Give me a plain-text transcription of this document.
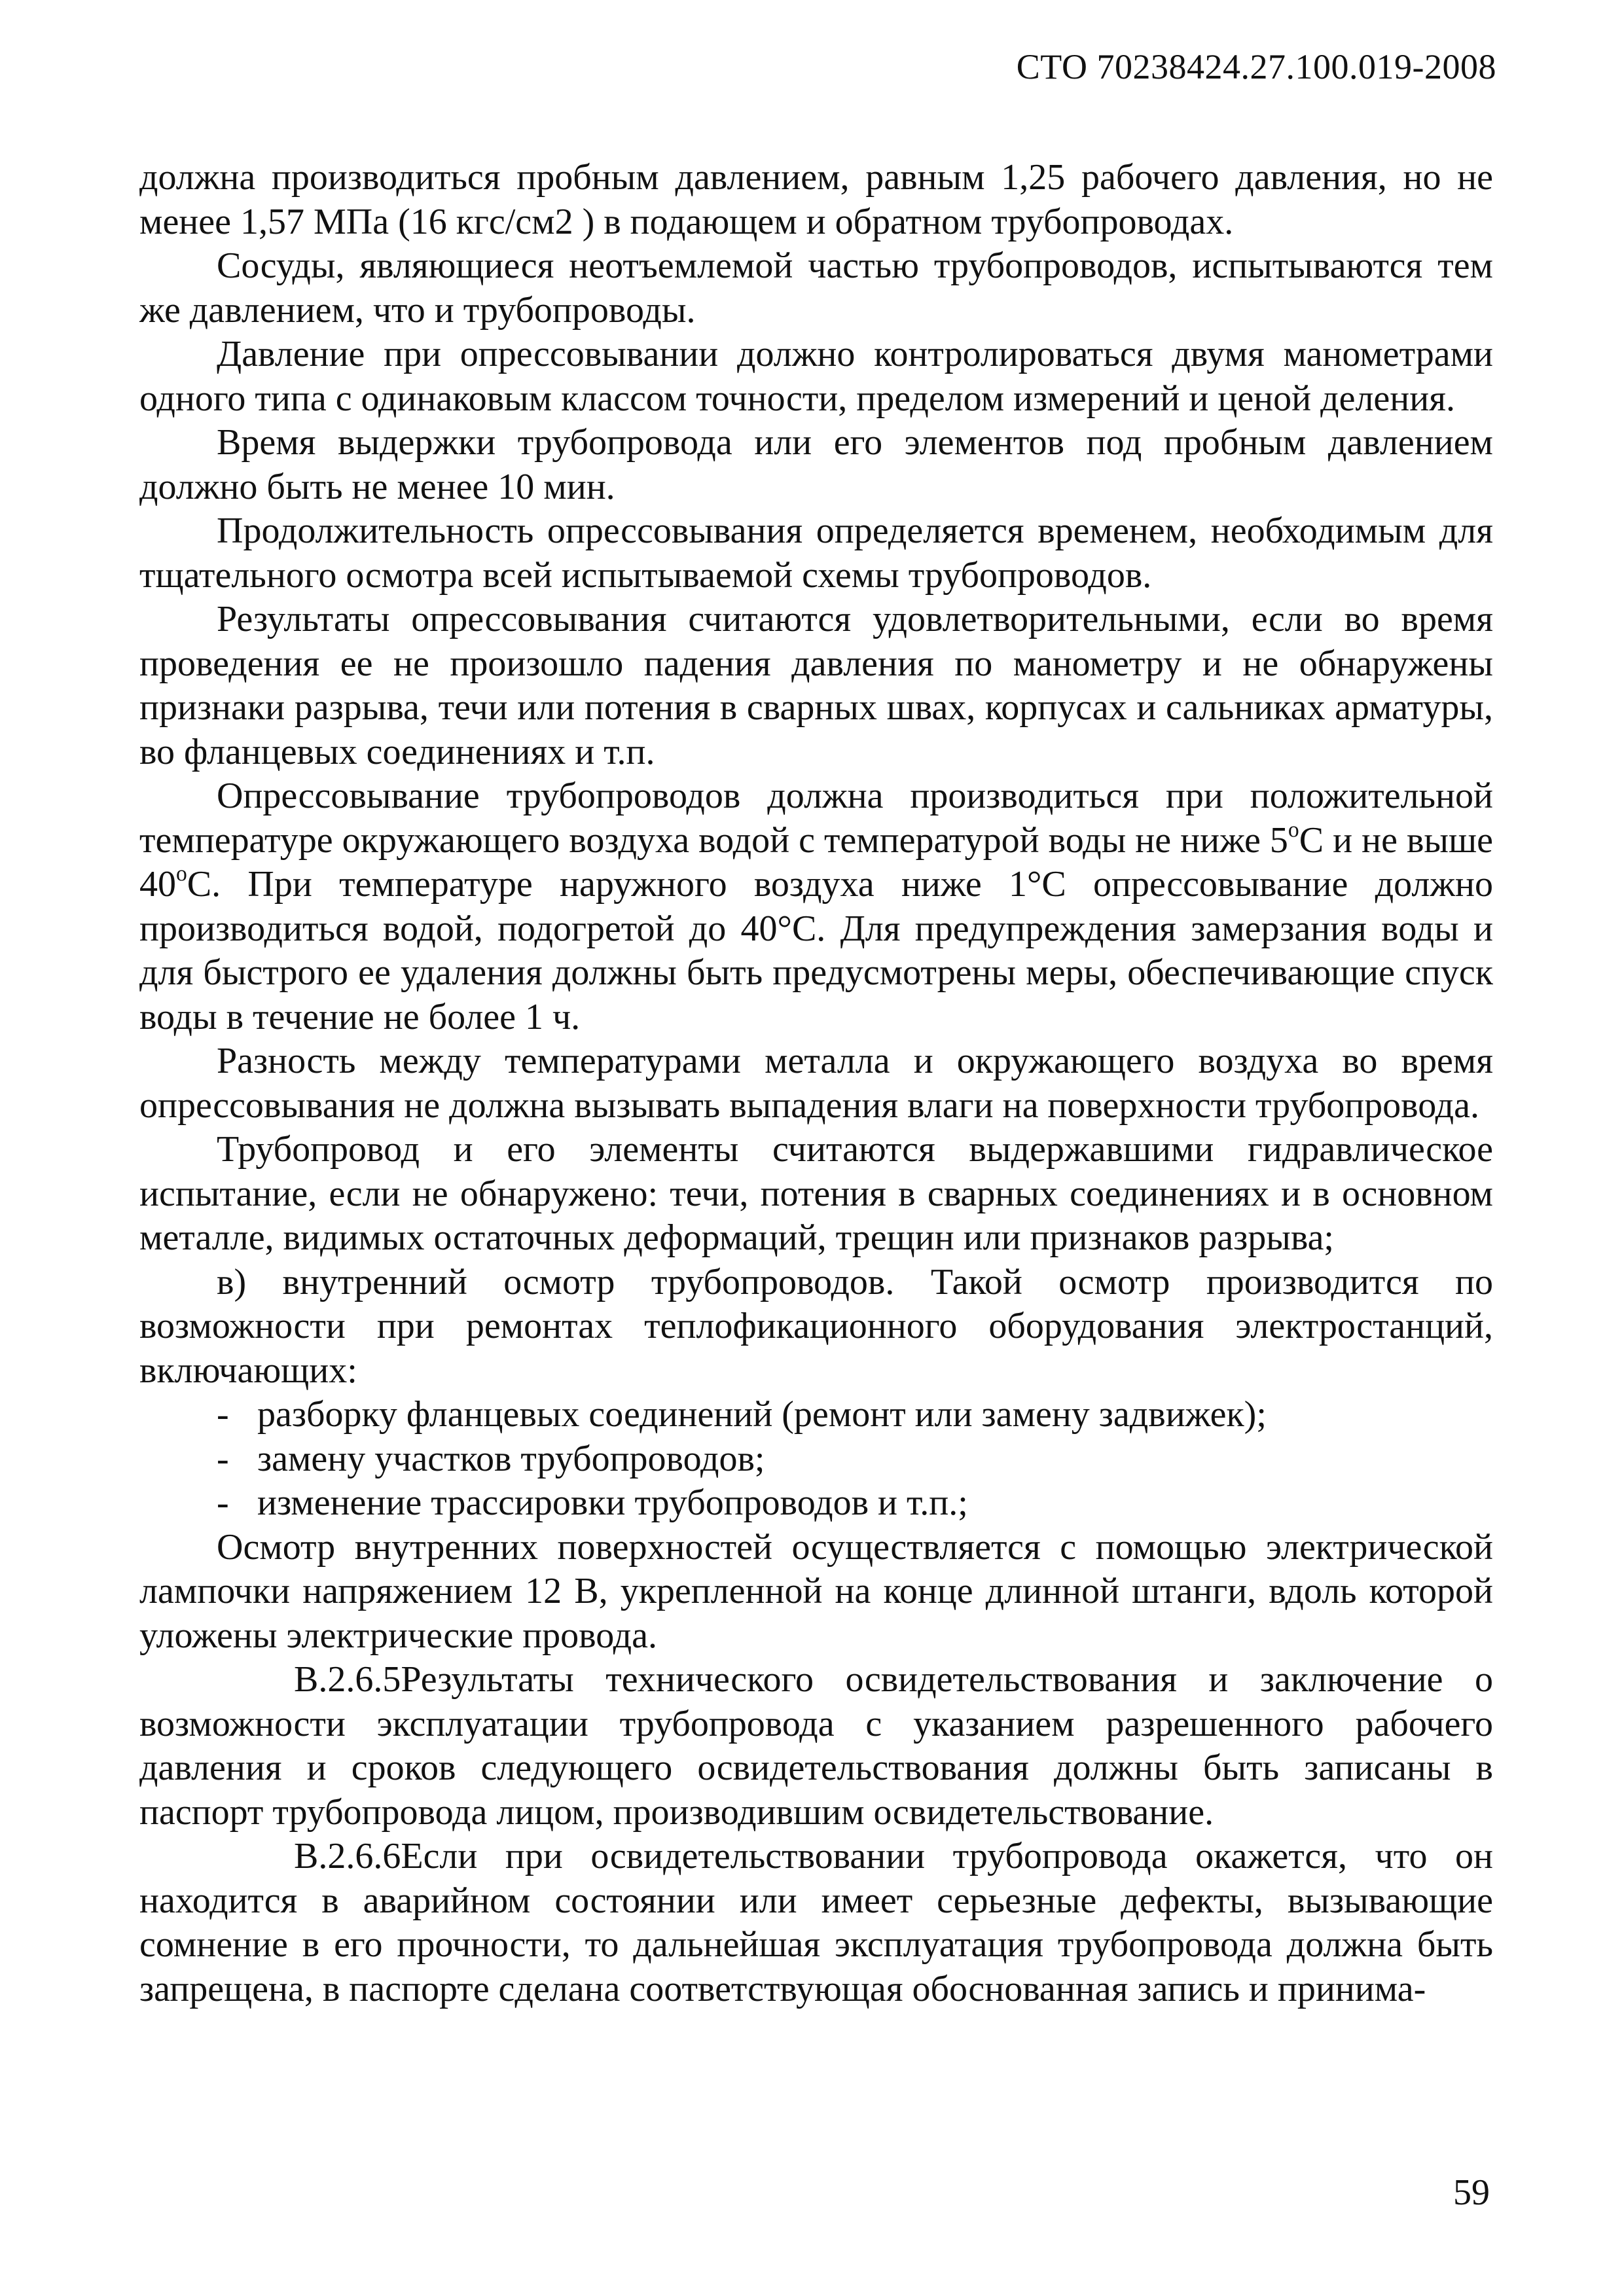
СТО 70238424.27.100.019-2008

должна производиться пробным давлением, равным 1,25 рабочего давления, но не менее 1,57 МПа (16 кгс/см2 ) в подающем и обратном трубопроводах.

Сосуды, являющиеся неотъемлемой частью трубопроводов, испытываются тем же давлением, что и трубопроводы.

Давление при опрессовывании должно контролироваться двумя манометрами одного типа с одинаковым классом точности, пределом измерений и ценой деления.

Время выдержки трубопровода или его элементов под пробным давлением должно быть не менее 10 мин.

Продолжительность опрессовывания определяется временем, необходимым для тщательного осмотра всей испытываемой схемы трубопроводов.

Результаты опрессовывания считаются удовлетворительными, если во время проведения ее не произошло падения давления по манометру и не обнаружены признаки разрыва, течи или потения в сварных швах, корпусах и сальниках арматуры, во фланцевых соединениях и т.п.

Опрессовывание трубопроводов должна производиться при положительной температуре окружающего воздуха водой с температурой воды не ниже $5^оС$ и не выше $40^оС$. При температуре наружного воздуха ниже 1°С опрессовывание должно производиться водой, подогретой до 40°С. Для предупреждения замерзания воды и для быстрого ее удаления должны быть предусмотрены меры, обеспечивающие спуск воды в течение не более 1 ч.

Разность между температурами металла и окружающего воздуха во время опрессовывания не должна вызывать выпадения влаги на поверхности трубопровода.

Трубопровод и его элементы считаются выдержавшими гидравлическое испытание, если не обнаружено: течи, потения в сварных соединениях и в основном металле, видимых остаточных деформаций, трещин или признаков разрыва;

в) внутренний осмотр трубопроводов. Такой осмотр производится по возможности при ремонтах теплофикационного оборудования электростанций, включающих:

- разборку фланцевых соединений (ремонт или замену задвижек);
- замену участков трубопроводов;
- изменение трассировки трубопроводов и т.п.;

Осмотр внутренних поверхностей осуществляется с помощью электрической лампочки напряжением 12 В, укрепленной на конце длинной штанги, вдоль которой уложены электрические провода.

В.2.6.5Результаты технического освидетельствования и заключение о возможности эксплуатации трубопровода с указанием разрешенного рабочего давления и сроков следующего освидетельствования должны быть записаны в паспорт трубопровода лицом, производившим освидетельствование.

В.2.6.6Если при освидетельствовании трубопровода окажется, что он находится в аварийном состоянии или имеет серьезные дефекты, вызывающие сомнение в его прочности, то дальнейшая эксплуатация трубопровода должна быть запрещена, в паспорте сделана соответствующая обоснованная запись и принима-

59
